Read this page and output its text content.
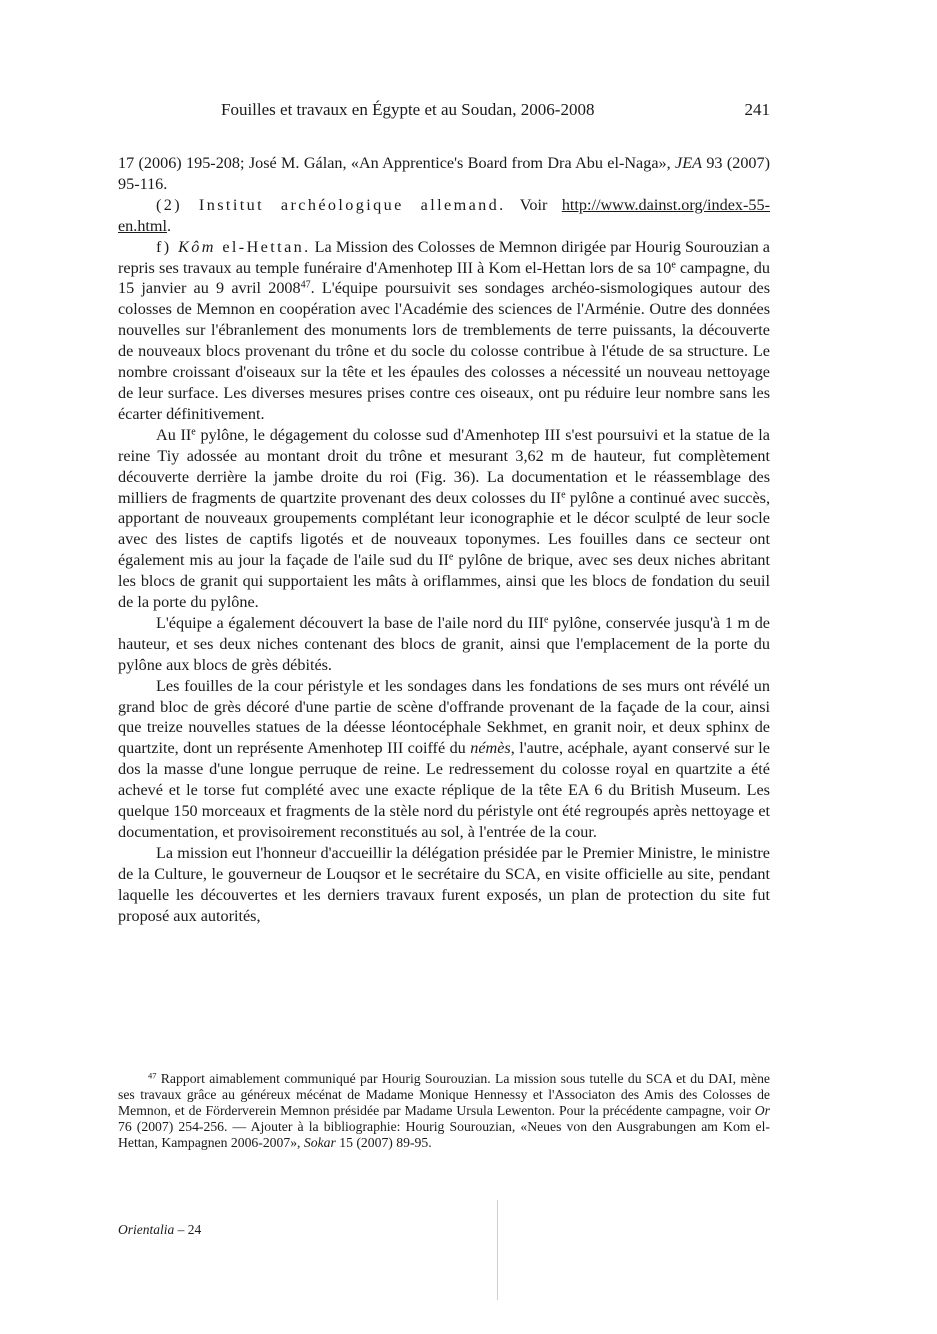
Fouilles et travaux en Égypte et au Soudan, 2006-2008	241

17 (2006) 195-208; José M. Gálan, «An Apprentice's Board from Dra Abu el-Naga», JEA 93 (2007) 95-116.

(2) Institut archéologique allemand. Voir http://www.dainst.org/index-55-en.html.

f) Kôm el-Hettan. La Mission des Colosses de Memnon dirigée par Hourig Sourouzian a repris ses travaux au temple funéraire d'Amenhotep III à Kom el-Hettan lors de sa 10e campagne, du 15 janvier au 9 avril 2008$^{47}$. L'équipe poursuivit ses sondages archéo-sismologiques autour des colosses de Memnon en coopération avec l'Académie des sciences de l'Arménie. Outre des données nouvelles sur l'ébranlement des monuments lors de tremblements de terre puissants, la découverte de nouveaux blocs provenant du trône et du socle du colosse contribue à l'étude de sa structure. Le nombre croissant d'oiseaux sur la tête et les épaules des colosses a nécessité un nouveau nettoyage de leur surface. Les diverses mesures prises contre ces oiseaux, ont pu réduire leur nombre sans les écarter définitivement.

Au IIe pylône, le dégagement du colosse sud d'Amenhotep III s'est poursuivi et la statue de la reine Tiy adossée au montant droit du trône et mesurant 3,62 m de hauteur, fut complètement découverte derrière la jambe droite du roi (Fig. 36). La documentation et le réassemblage des milliers de fragments de quartzite provenant des deux colosses du IIe pylône a continué avec succès, apportant de nouveaux groupements complétant leur iconographie et le décor sculpté de leur socle avec des listes de captifs ligotés et de nouveaux toponymes. Les fouilles dans ce secteur ont également mis au jour la façade de l'aile sud du IIe pylône de brique, avec ses deux niches abritant les blocs de granit qui supportaient les mâts à oriflammes, ainsi que les blocs de fondation du seuil de la porte du pylône.

L'équipe a également découvert la base de l'aile nord du IIIe pylône, conservée jusqu'à 1 m de hauteur, et ses deux niches contenant des blocs de granit, ainsi que l'emplacement de la porte du pylône aux blocs de grès débités.

Les fouilles de la cour péristyle et les sondages dans les fondations de ses murs ont révélé un grand bloc de grès décoré d'une partie de scène d'offrande provenant de la façade de la cour, ainsi que treize nouvelles statues de la déesse léontocéphale Sekhmet, en granit noir, et deux sphinx de quartzite, dont un représente Amenhotep III coiffé du némès, l'autre, acéphale, ayant conservé sur le dos la masse d'une longue perruque de reine. Le redressement du colosse royal en quartzite a été achevé et le torse fut complété avec une exacte réplique de la tête EA 6 du British Museum. Les quelque 150 morceaux et fragments de la stèle nord du péristyle ont été regroupés après nettoyage et documentation, et provisoirement reconstitués au sol, à l'entrée de la cour.

La mission eut l'honneur d'accueillir la délégation présidée par le Premier Ministre, le ministre de la Culture, le gouverneur de Louqsor et le secrétaire du SCA, en visite officielle au site, pendant laquelle les découvertes et les derniers travaux furent exposés, un plan de protection du site fut proposé aux autorités,

$^{47}$ Rapport aimablement communiqué par Hourig Sourouzian. La mission sous tutelle du SCA et du DAI, mène ses travaux grâce au généreux mécénat de Madame Monique Hennessy et l'Associaton des Amis des Colosses de Memnon, et de Förderverein Memnon présidée par Madame Ursula Lewenton. Pour la précédente campagne, voir Or 76 (2007) 254-256. — Ajouter à la bibliographie: Hourig Sourouzian, «Neues von den Ausgrabungen am Kom el-Hettan, Kampagnen 2006-2007», Sokar 15 (2007) 89-95.

Orientalia – 24
